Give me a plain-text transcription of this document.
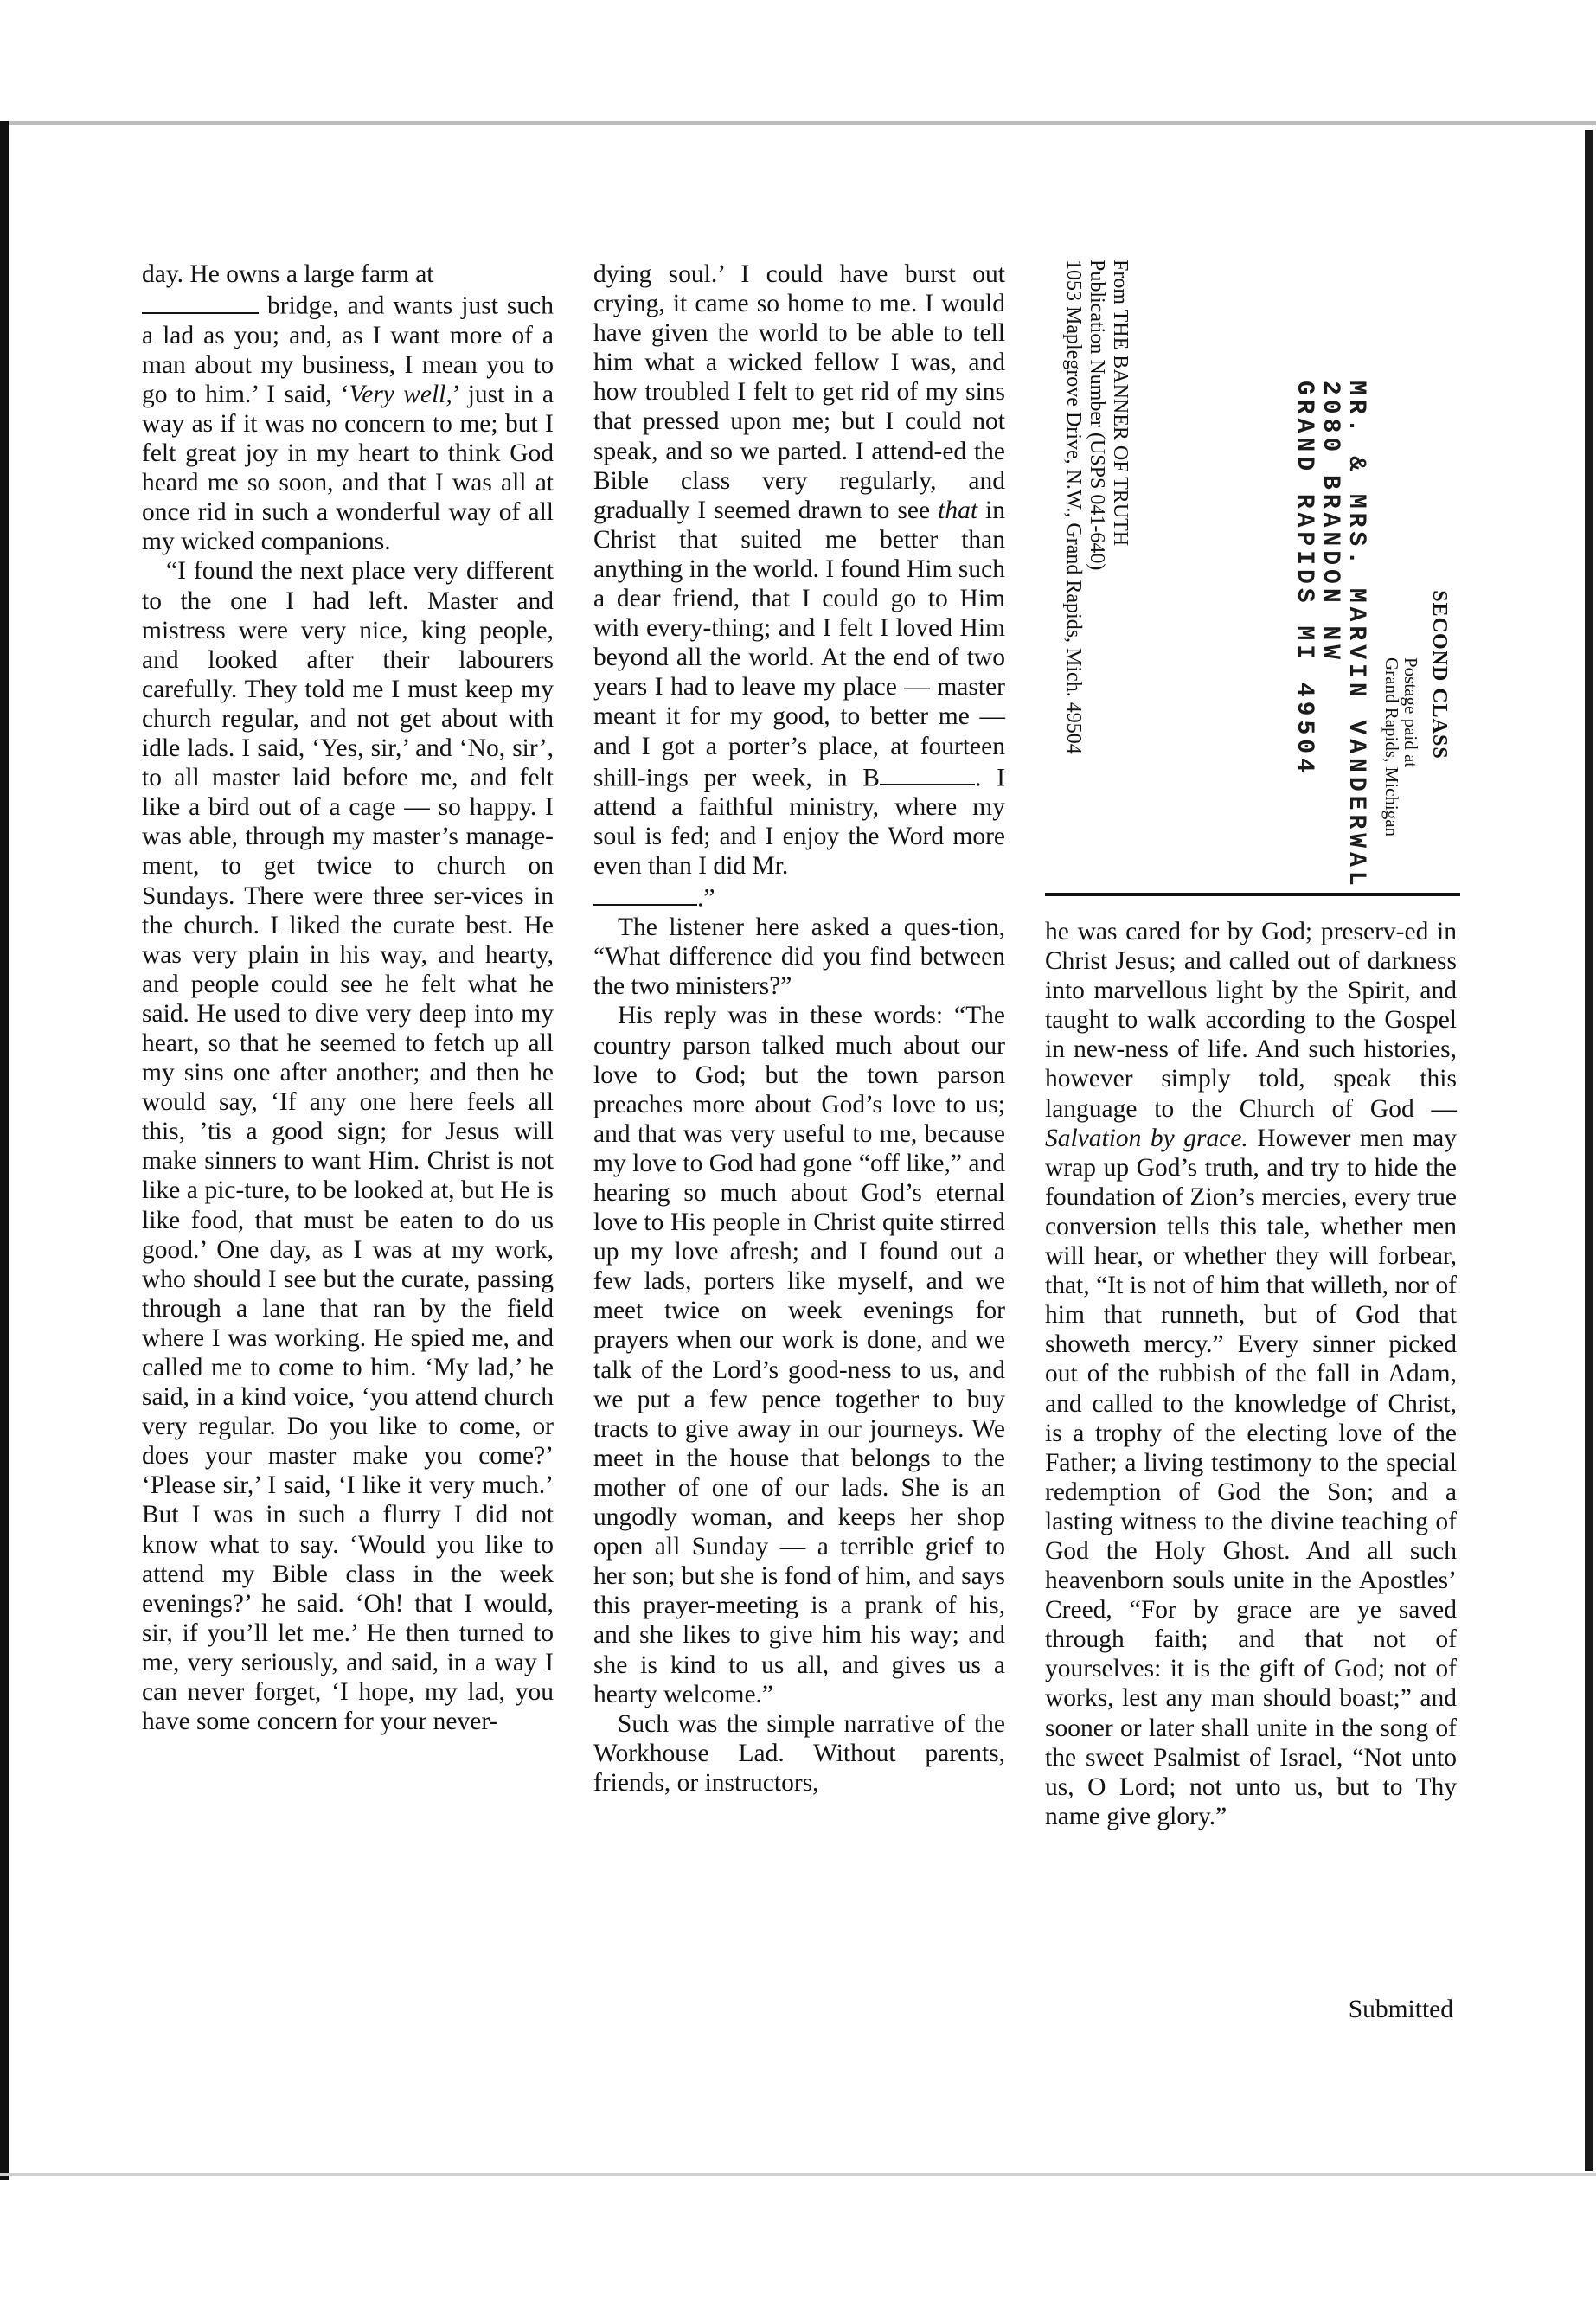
day. He owns a large farm at
bridge, and wants just such a lad as you; and, as I want more of a man about my business, I mean you to go to him.’ I said, ‘Very well,’ just in a way as if it was no concern to me; but I felt great joy in my heart to think God heard me so soon, and that I was all at once rid in such a wonderful way of all my wicked companions.

“I found the next place very different to the one I had left. Master and mistress were very nice, king people, and looked after their labourers carefully. They told me I must keep my church regular, and not get about with idle lads. I said, ‘Yes, sir,’ and ‘No, sir’, to all master laid before me, and felt like a bird out of a cage — so happy. I was able, through my master’s manage-ment, to get twice to church on Sundays. There were three ser-vices in the church. I liked the curate best. He was very plain in his way, and hearty, and people could see he felt what he said. He used to dive very deep into my heart, so that he seemed to fetch up all my sins one after another; and then he would say, ‘If any one here feels all this, ’tis a good sign; for Jesus will make sinners to want Him. Christ is not like a pic-ture, to be looked at, but He is like food, that must be eaten to do us good.’ One day, as I was at my work, who should I see but the curate, passing through a lane that ran by the field where I was working. He spied me, and called me to come to him. ‘My lad,’ he said, in a kind voice, ‘you attend church very regular. Do you like to come, or does your master make you come?’ ‘Please sir,’ I said, ‘I like it very much.’ But I was in such a flurry I did not know what to say. ‘Would you like to attend my Bible class in the week evenings?’ he said. ‘Oh! that I would, sir, if you’ll let me.’ He then turned to me, very seriously, and said, in a way I can never forget, ‘I hope, my lad, you have some concern for your never-

dying soul.’ I could have burst out crying, it came so home to me. I would have given the world to be able to tell him what a wicked fellow I was, and how troubled I felt to get rid of my sins that pressed upon me; but I could not speak, and so we parted. I attend-ed the Bible class very regularly, and gradually I seemed drawn to see that in Christ that suited me better than anything in the world. I found Him such a dear friend, that I could go to Him with every-thing; and I felt I loved Him beyond all the world. At the end of two years I had to leave my place — master meant it for my good, to better me — and I got a porter’s place, at fourteen shill-ings per week, in B	. I attend a faithful ministry, where my soul is fed; and I enjoy the Word more even than I did Mr.
.”

The listener here asked a ques-tion, “What difference did you find between the two ministers?”

His reply was in these words: “The country parson talked much about our love to God; but the town parson preaches more about God’s love to us; and that was very useful to me, because my love to God had gone “off like,” and hearing so much about God’s eternal love to His people in Christ quite stirred up my love afresh; and I found out a few lads, porters like myself, and we meet twice on week evenings for prayers when our work is done, and we talk of the Lord’s good-ness to us, and we put a few pence together to buy tracts to give away in our journeys. We meet in the house that belongs to the mother of one of our lads. She is an ungodly woman, and keeps her shop open all Sunday — a terrible grief to her son; but she is fond of him, and says this prayer-meeting is a prank of his, and she likes to give him his way; and she is kind to us all, and gives us a hearty welcome.”

Such was the simple narrative of the Workhouse Lad. Without parents, friends, or instructors,

he was cared for by God; preserv-ed in Christ Jesus; and called out of darkness into marvellous light by the Spirit, and taught to walk according to the Gospel in new-ness of life. And such histories, however simply told, speak this language to the Church of God — Salvation by grace. However men may wrap up God’s truth, and try to hide the foundation of Zion’s mercies, every true conversion tells this tale, whether men will hear, or whether they will forbear, that, “It is not of him that willeth, nor of him that runneth, but of God that showeth mercy.” Every sinner picked out of the rubbish of the fall in Adam, and called to the knowledge of Christ, is a trophy of the electing love of the Father; a living testimony to the special redemption of God the Son; and a lasting witness to the divine teaching of God the Holy Ghost. And all such heavenborn souls unite in the Apostles’ Creed, “For by grace are ye saved through faith; and that not of yourselves: it is the gift of God; not of works, lest any man should boast;” and sooner or later shall unite in the song of the sweet Psalmist of Israel, “Not unto us, O Lord; not unto us, but to Thy name give glory.”

Submitted
SECOND CLASS
Postage paid at
Grand Rapids, Michigan
MR. & MRS. MARVIN VANDERWAL
2080 BRANDON NW
GRAND RAPIDS MI 49504
From THE BANNER OF TRUTH
Publication Number (USPS 041-640)
1053 Maplegrove Drive, N.W., Grand Rapids, Mich. 49504
